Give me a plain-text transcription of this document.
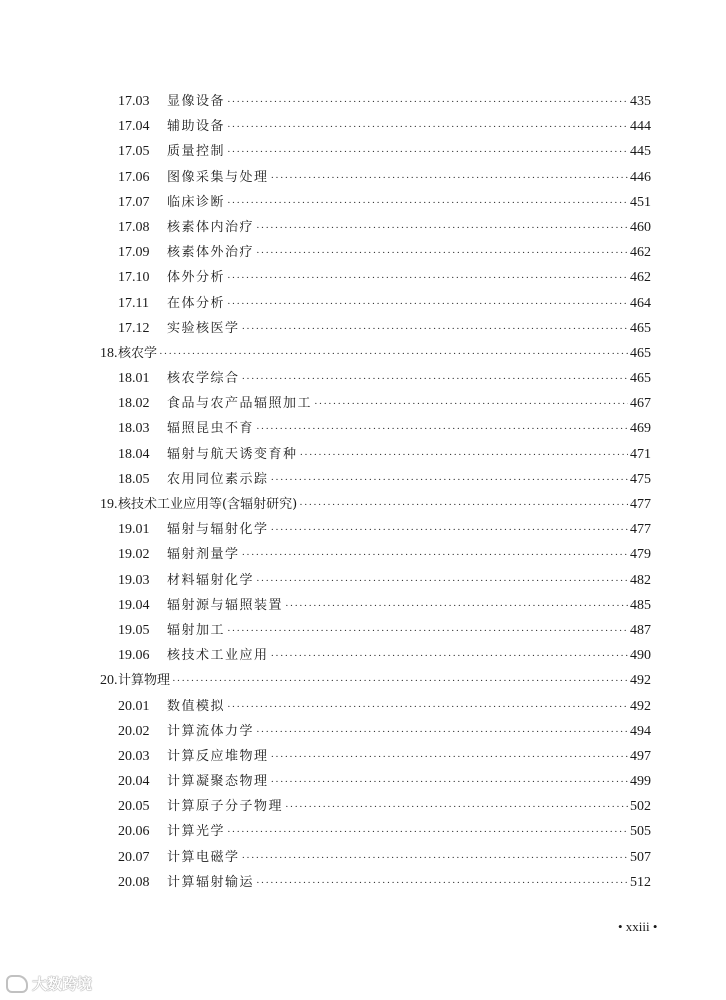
17.03	显像设备 ·····	435
17.04	辅助设备 ·····	444
17.05	质量控制 ·····	445
17.06	图像采集与处理 ·····	446
17.07	临床诊断 ·····	451
17.08	核素体内治疗 ·····	460
17.09	核素体外治疗 ·····	462
17.10	体外分析 ·····	462
17.11	在体分析 ·····	464
17.12	实验核医学 ·····	465
18. 核农学 ·····	465
18.01	核农学综合 ·····	465
18.02	食品与农产品辐照加工 ·····	467
18.03	辐照昆虫不育 ·····	469
18.04	辐射与航天诱变育种 ·····	471
18.05	农用同位素示踪 ·····	475
19. 核技术工业应用等(含辐射研究) ·····	477
19.01	辐射与辐射化学 ·····	477
19.02	辐射剂量学 ·····	479
19.03	材料辐射化学 ·····	482
19.04	辐射源与辐照装置 ·····	485
19.05	辐射加工 ·····	487
19.06	核技术工业应用 ·····	490
20. 计算物理 ·····	492
20.01	数值模拟 ·····	492
20.02	计算流体力学 ·····	494
20.03	计算反应堆物理 ·····	497
20.04	计算凝聚态物理 ·····	499
20.05	计算原子分子物理 ·····	502
20.06	计算光学 ·····	505
20.07	计算电磁学 ·····	507
20.08	计算辐射输运 ·····	512
• xxiii •
大数跨境
